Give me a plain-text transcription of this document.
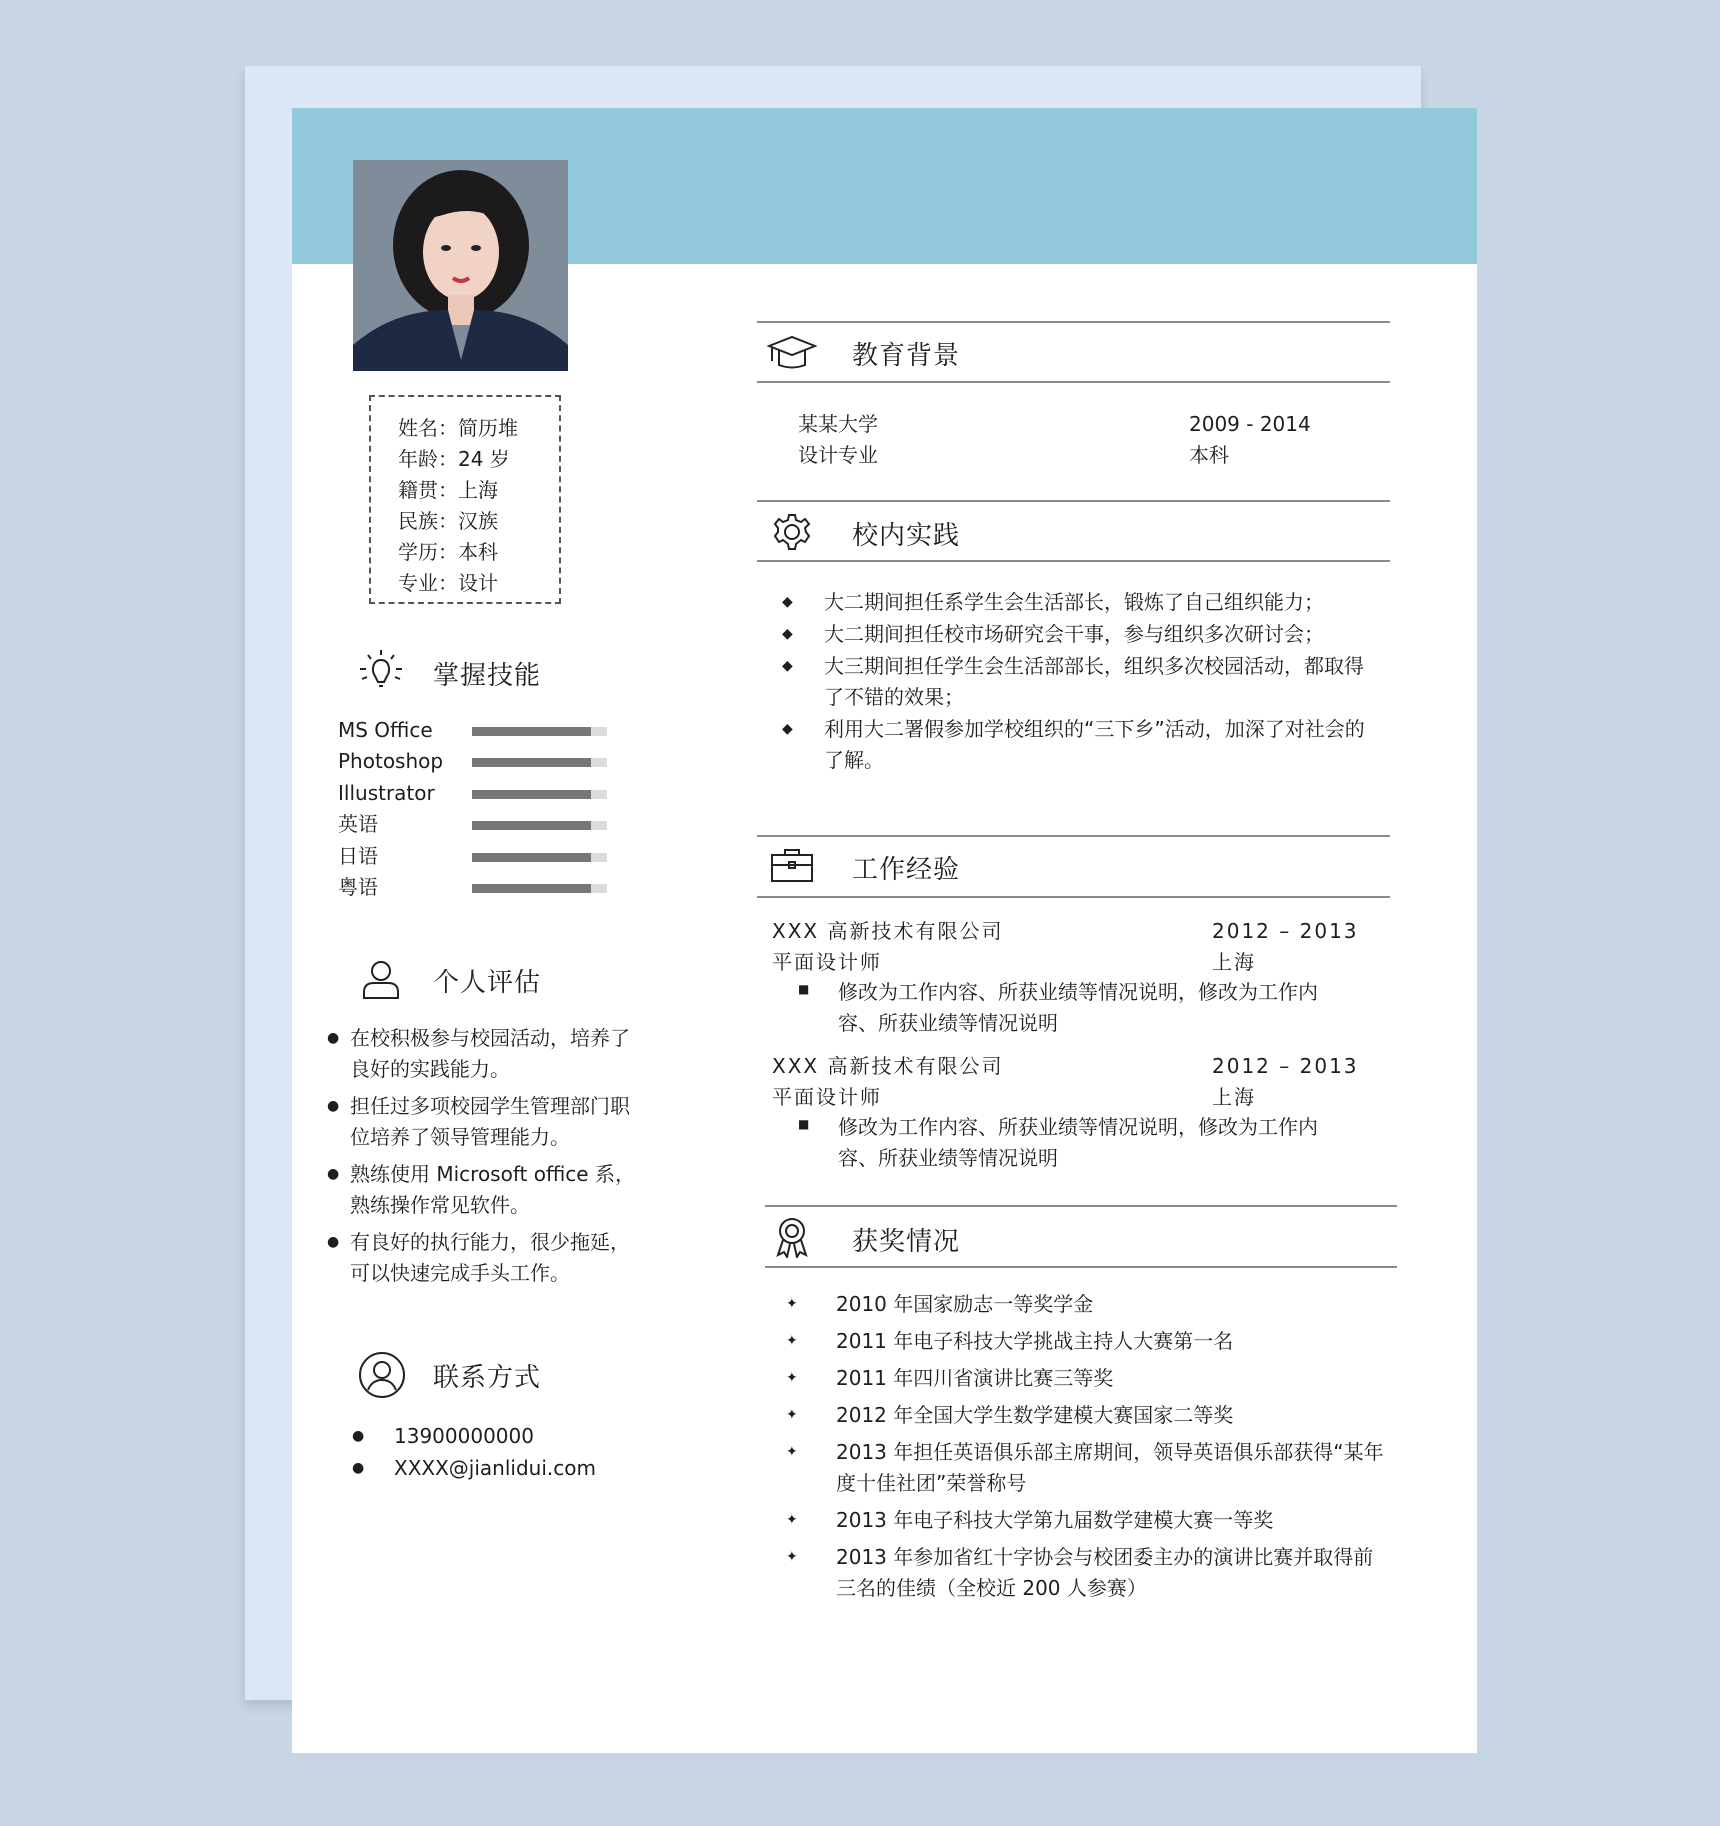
姓名：简历堆
年龄：24 岁
籍贯：上海
民族：汉族
学历：本科
专业：设计
掌握技能
MS Office
Photoshop
Illustrator
英语
日语
粤语
个人评估
● 在校积极参与校园活动，培养了良好的实践能力。
● 担任过多项校园学生管理部门职位培养了领导管理能力。
● 熟练使用 Microsoft office 系，熟练操作常见软件。
● 有良好的执行能力，很少拖延，可以快速完成手头工作。
联系方式
● 13900000000
● XXXX@jianlidui.com
教育背景
某某大学	2009 - 2014
设计专业	本科
校内实践
◆ 大二期间担任系学生会生活部长，锻炼了自己组织能力；
◆ 大二期间担任校市场研究会干事，参与组织多次研讨会；
◆ 大三期间担任学生会生活部部长，组织多次校园活动，都取得了不错的效果；
◆ 利用大二署假参加学校组织的“三下乡”活动，加深了对社会的了解。
工作经验
XXX 高新技术有限公司	2012 – 2013
平面设计师	上海
■ 修改为工作内容、所获业绩等情况说明，修改为工作内容、所获业绩等情况说明
XXX 高新技术有限公司	2012 – 2013
平面设计师	上海
■ 修改为工作内容、所获业绩等情况说明，修改为工作内容、所获业绩等情况说明
获奖情况
✦ 2010 年国家励志一等奖学金
✦ 2011 年电子科技大学挑战主持人大赛第一名
✦ 2011 年四川省演讲比赛三等奖
✦ 2012 年全国大学生数学建模大赛国家二等奖
✦ 2013 年担任英语俱乐部主席期间，领导英语俱乐部获得“某年度十佳社团”荣誉称号
✦ 2013 年电子科技大学第九届数学建模大赛一等奖
✦ 2013 年参加省红十字协会与校团委主办的演讲比赛并取得前三名的佳绩（全校近 200 人参赛）
